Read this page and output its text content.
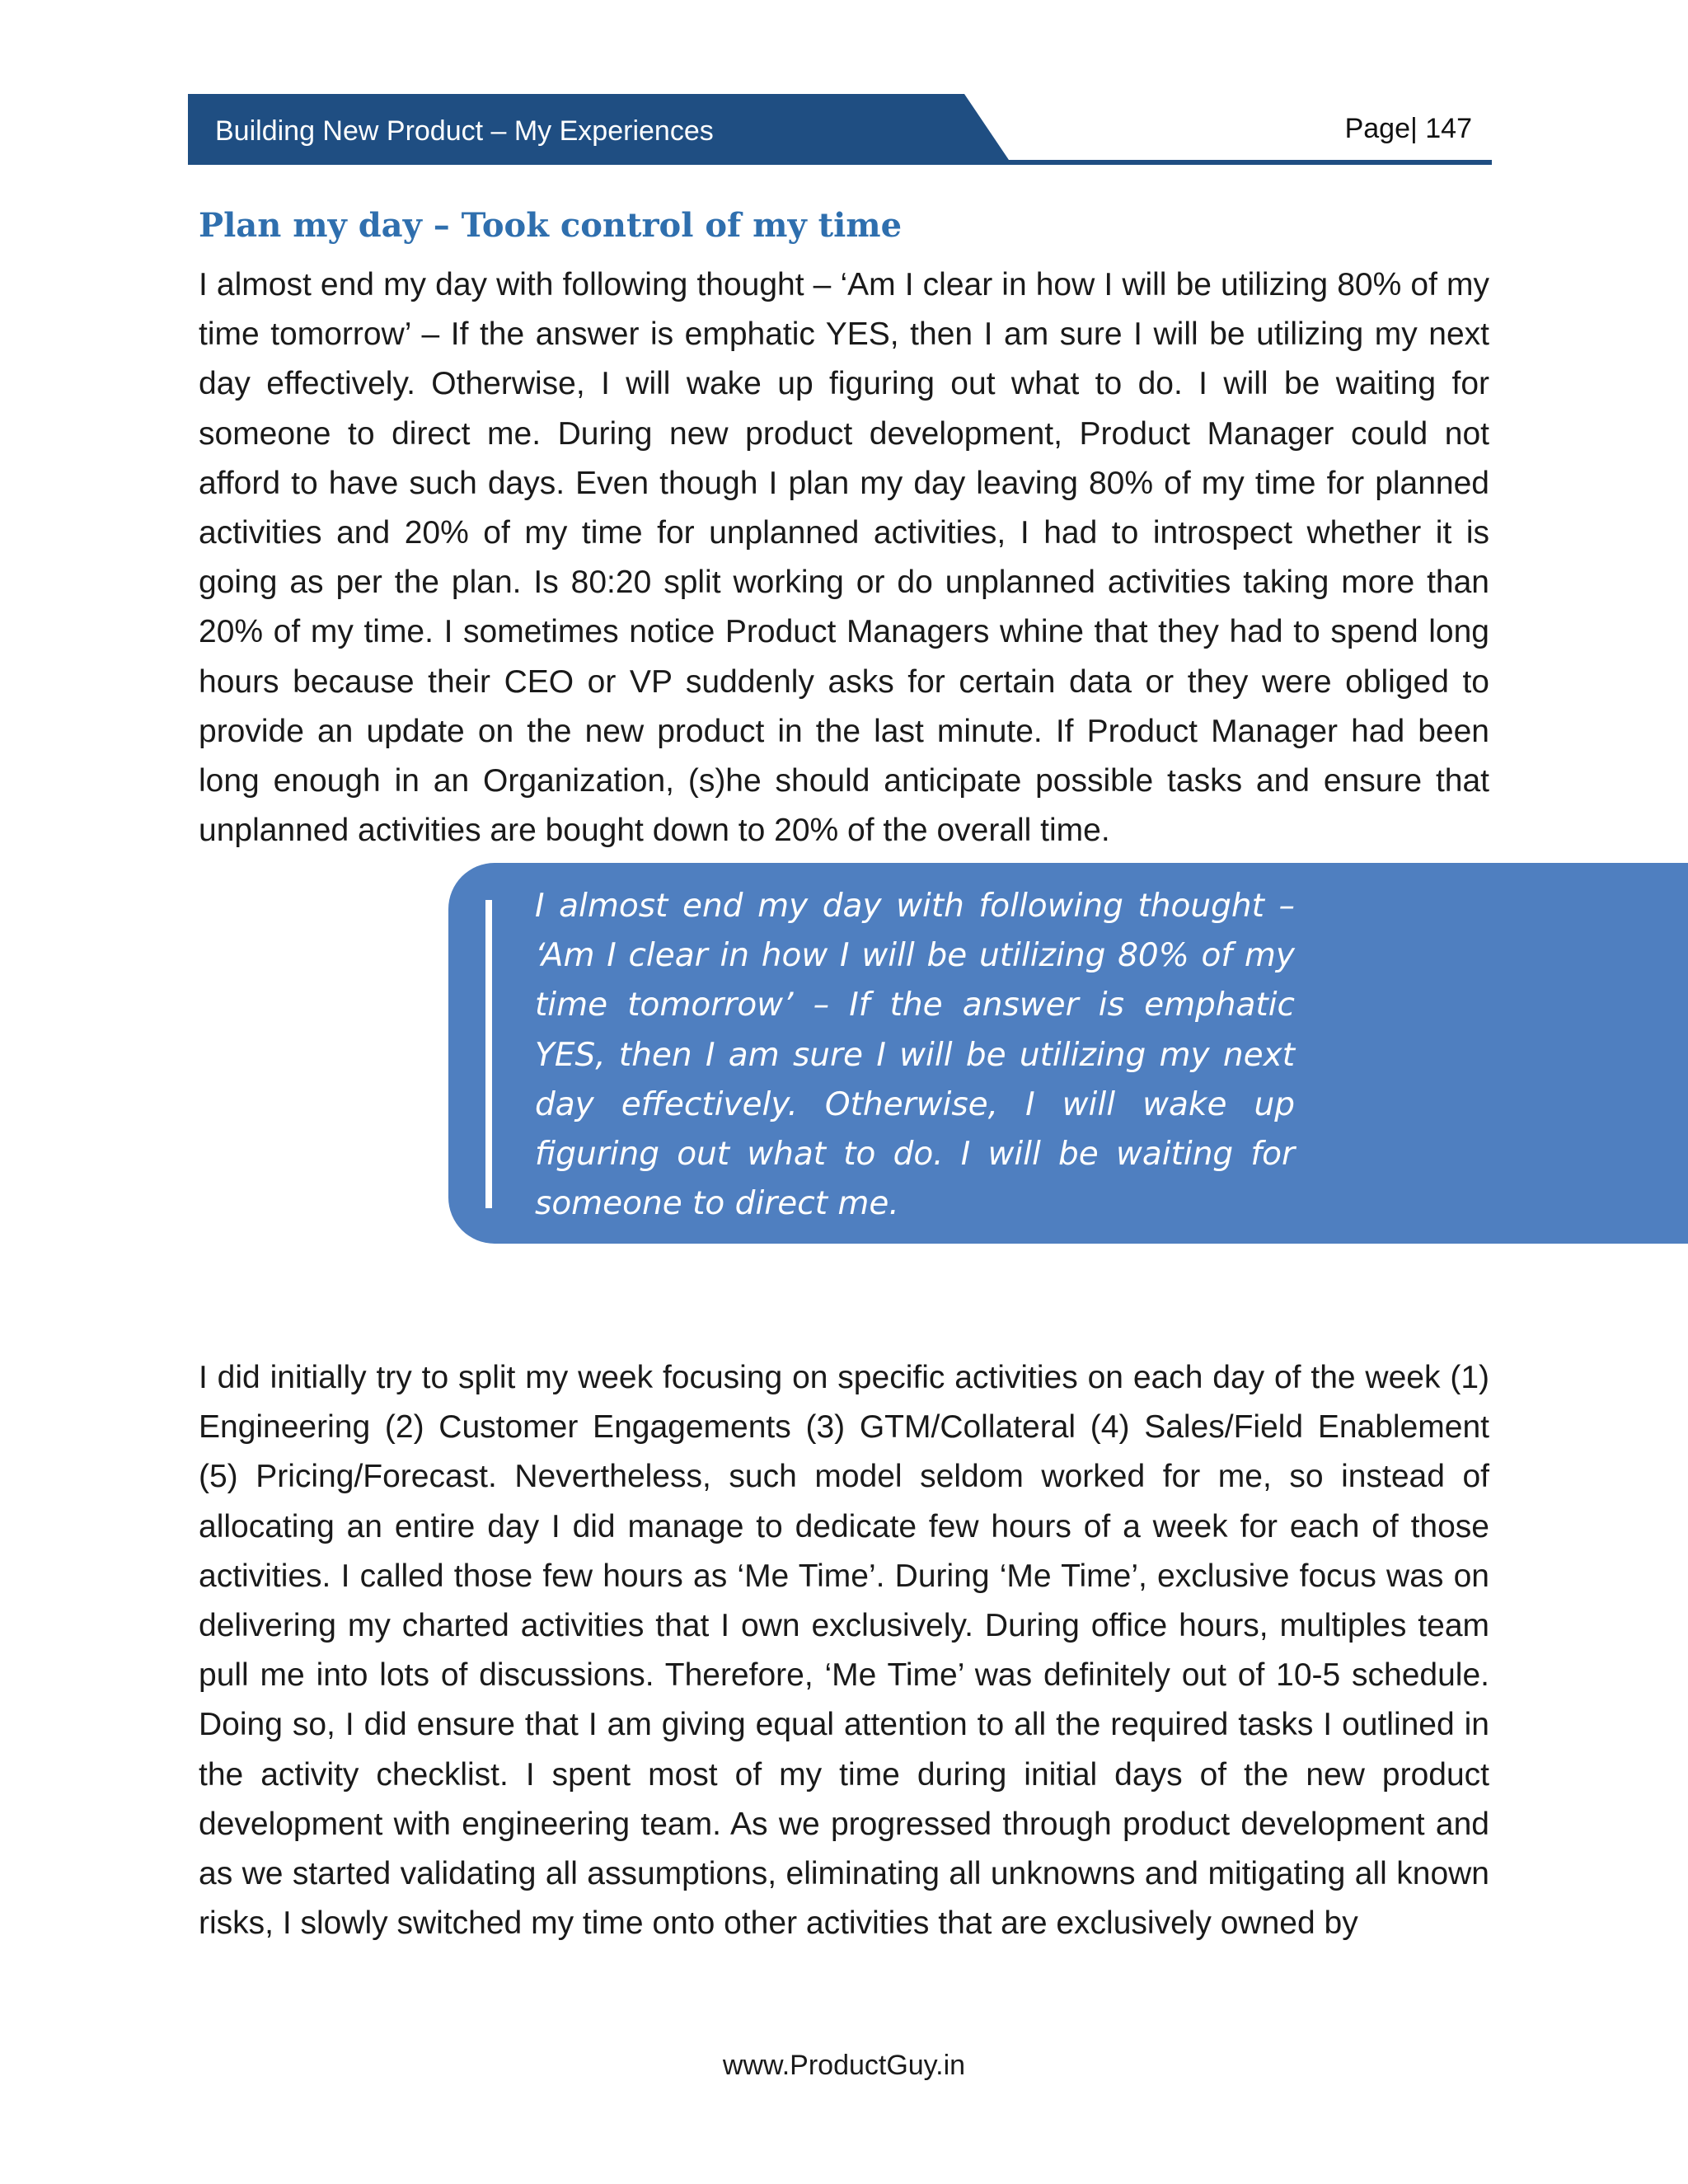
Building New Product – My Experiences	Page| 147
Plan my day – Took control of my time

I almost end my day with following thought – ‘Am I clear in how I will be utilizing 80% of my time tomorrow’ – If the answer is emphatic YES, then I am sure I will be utilizing my next day effectively. Otherwise, I will wake up figuring out what to do. I will be waiting for someone to direct me. During new product development, Product Manager could not afford to have such days. Even though I plan my day leaving 80% of my time for planned activities and 20% of my time for unplanned activities, I had to introspect whether it is going as per the plan. Is 80:20 split working or do unplanned activities taking more than 20% of my time. I sometimes notice Product Managers whine that they had to spend long hours because their CEO or VP suddenly asks for certain data or they were obliged to provide an update on the new product in the last minute. If Product Manager had been long enough in an Organization, (s)he should anticipate possible tasks and ensure that unplanned activities are bought down to 20% of the overall time.

I almost end my day with following thought – ‘Am I clear in how I will be utilizing 80% of my time tomorrow’ – If the answer is emphatic YES, then I am sure I will be utilizing my next day effectively. Otherwise, I will wake up figuring out what to do. I will be waiting for someone to direct me.

I did initially try to split my week focusing on specific activities on each day of the week (1) Engineering (2) Customer Engagements (3) GTM/Collateral (4) Sales/Field Enablement (5) Pricing/Forecast. Nevertheless, such model seldom worked for me, so instead of allocating an entire day I did manage to dedicate few hours of a week for each of those activities. I called those few hours as ‘Me Time’. During ‘Me Time’, exclusive focus was on delivering my charted activities that I own exclusively. During office hours, multiples team pull me into lots of discussions. Therefore, ‘Me Time’ was definitely out of 10-5 schedule. Doing so, I did ensure that I am giving equal attention to all the required tasks I outlined in the activity checklist. I spent most of my time during initial days of the new product development with engineering team. As we progressed through product development and as we started validating all assumptions, eliminating all unknowns and mitigating all known risks, I slowly switched my time onto other activities that are exclusively owned by

www.ProductGuy.in
